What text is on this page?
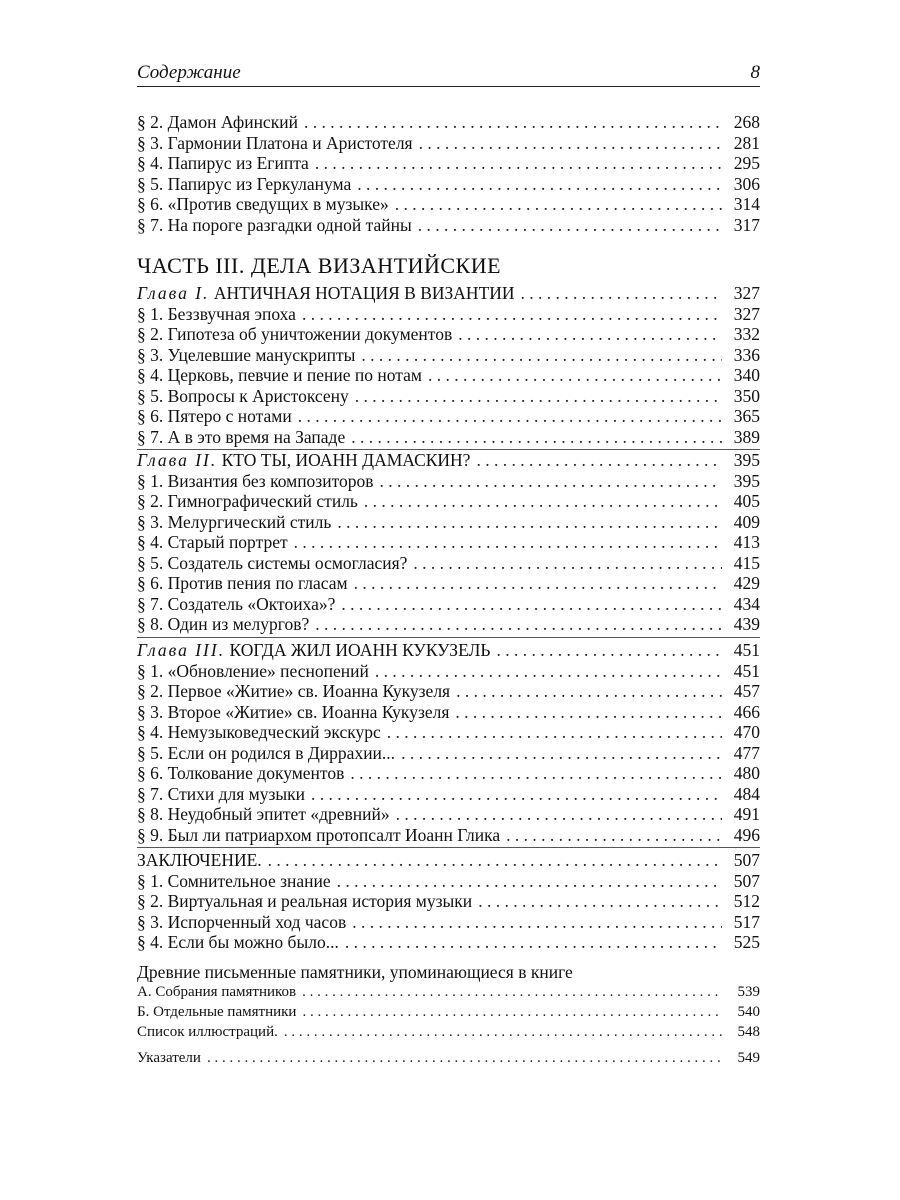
Содержание	8
§ 2. Дамон Афинский . . .	268
§ 3. Гармонии Платона и Аристотеля . . .	281
§ 4. Папирус из Египта . . .	295
§ 5. Папирус из Геркуланума . . .	306
§ 6. «Против сведущих в музыке» . . .	314
§ 7. На пороге разгадки одной тайны . . .	317
ЧАСТЬ III. ДЕЛА ВИЗАНТИЙСКИЕ
Глава I. АНТИЧНАЯ НОТАЦИЯ В ВИЗАНТИИ . . .	327
§ 1. Беззвучная эпоха . . .	327
§ 2. Гипотеза об уничтожении документов . . .	332
§ 3. Уцелевшие манускрипты . . .	336
§ 4. Церковь, певчие и пение по нотам . . .	340
§ 5. Вопросы к Аристоксену . . .	350
§ 6. Пятеро с нотами . . .	365
§ 7. А в это время на Западе . . .	389
Глава II. КТО ТЫ, ИОАНН ДАМАСКИН? . . .	395
§ 1. Византия без композиторов . . .	395
§ 2. Гимнографический стиль . . .	405
§ 3. Мелургический стиль . . .	409
§ 4. Старый портрет . . .	413
§ 5. Создатель системы осмогласия? . . .	415
§ 6. Против пения по гласам . . .	429
§ 7. Создатель «Октоиха»? . . .	434
§ 8. Один из мелургов? . . .	439
Глава III. КОГДА ЖИЛ ИОАНН КУКУЗЕЛЬ . . .	451
§ 1. «Обновление» песнопений . . .	451
§ 2. Первое «Житие» св. Иоанна Кукузеля . . .	457
§ 3. Второе «Житие» св. Иоанна Кукузеля . . .	466
§ 4. Немузыковедческий экскурс . . .	470
§ 5. Если он родился в Диррахии... . . .	477
§ 6. Толкование документов . . .	480
§ 7. Стихи для музыки . . .	484
§ 8. Неудобный эпитет «древний» . . .	491
§ 9. Был ли патриархом протопсалт Иоанн Глика . . .	496
ЗАКЛЮЧЕНИЕ. . . .	507
§ 1. Сомнительное знание . . .	507
§ 2. Виртуальная и реальная история музыки . . .	512
§ 3. Испорченный ход часов . . .	517
§ 4. Если бы можно было... . . .	525
Древние письменные памятники, упоминающиеся в книге
А. Собрания памятников . . .	539
Б. Отдельные памятники . . .	540
Список иллюстраций. . . .	548
Указатели . . .	549
